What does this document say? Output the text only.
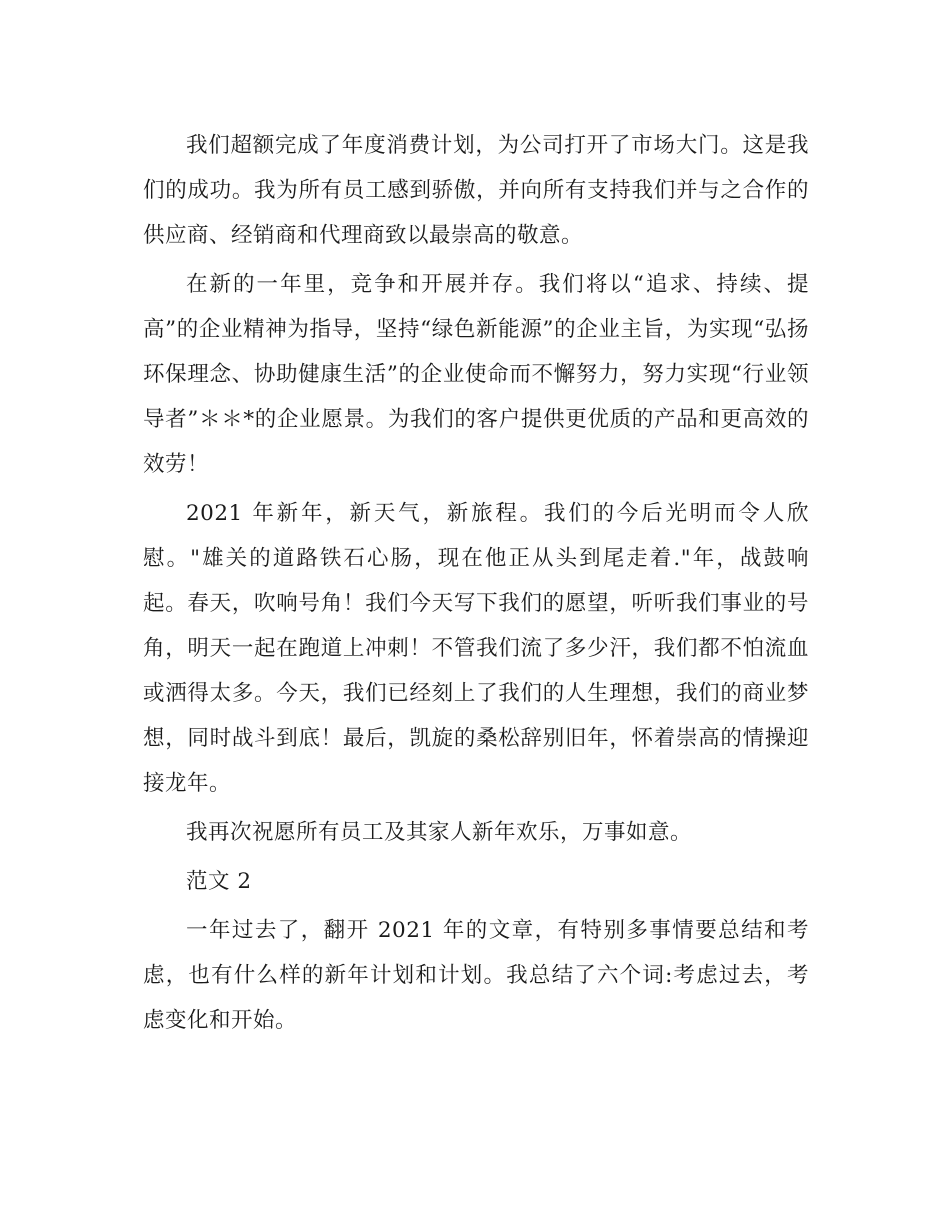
我们超额完成了年度消费计划，为公司打开了市场大门。这是我们的成功。我为所有员工感到骄傲，并向所有支持我们并与之合作的供应商、经销商和代理商致以最崇高的敬意。

在新的一年里，竞争和开展并存。我们将以“追求、持续、提高”的企业精神为指导，坚持“绿色新能源”的企业主旨，为实现“弘扬环保理念、协助健康生活”的企业使命而不懈努力，努力实现“行业领导者”＊＊*的企业愿景。为我们的客户提供更优质的产品和更高效的效劳！

2021 年新年，新天气，新旅程。我们的今后光明而令人欣慰。"雄关的道路铁石心肠，现在他正从头到尾走着."年，战鼓响起。春天，吹响号角！我们今天写下我们的愿望，听听我们事业的号角，明天一起在跑道上冲刺！不管我们流了多少汗，我们都不怕流血或洒得太多。今天，我们已经刻上了我们的人生理想，我们的商业梦想，同时战斗到底！最后，凯旋的桑松辞别旧年，怀着崇高的情操迎接龙年。

我再次祝愿所有员工及其家人新年欢乐，万事如意。

范文 2

一年过去了，翻开 2021 年的文章，有特别多事情要总结和考虑，也有什么样的新年计划和计划。我总结了六个词:考虑过去，考虑变化和开始。
